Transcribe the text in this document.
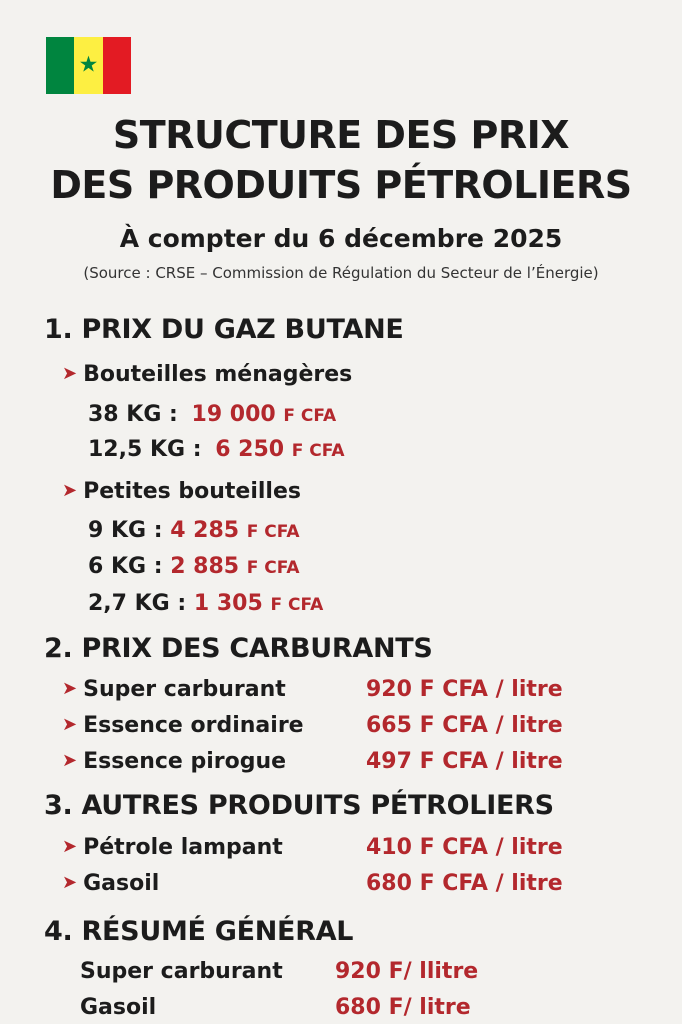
★
STRUCTURE DES PRIX
DES PRODUITS PÉTROLIERS
À compter du 6 décembre 2025
(Source : CRSE – Commission de Régulation du Secteur de l’Énergie)
1. PRIX DU GAZ BUTANE
➤ Bouteilles ménagères
38 KG : 19 000 F CFA
12,5 KG : 6 250 F CFA
➤ Petites bouteilles
9 KG : 4 285 F CFA
6 KG : 2 885 F CFA
2,7 KG : 1 305 F CFA
2. PRIX DES CARBURANTS
➤ Super carburant	920 F CFA / litre
➤ Essence ordinaire	665 F CFA / litre
➤ Essence pirogue	497 F CFA / litre
3. AUTRES PRODUITS PÉTROLIERS
➤ Pétrole lampant	410 F CFA / litre
➤ Gasoil	680 F CFA / litre
4. RÉSUMÉ GÉNÉRAL
Super carburant 920 F/ llitre
Gasoil	680 F/ litre
